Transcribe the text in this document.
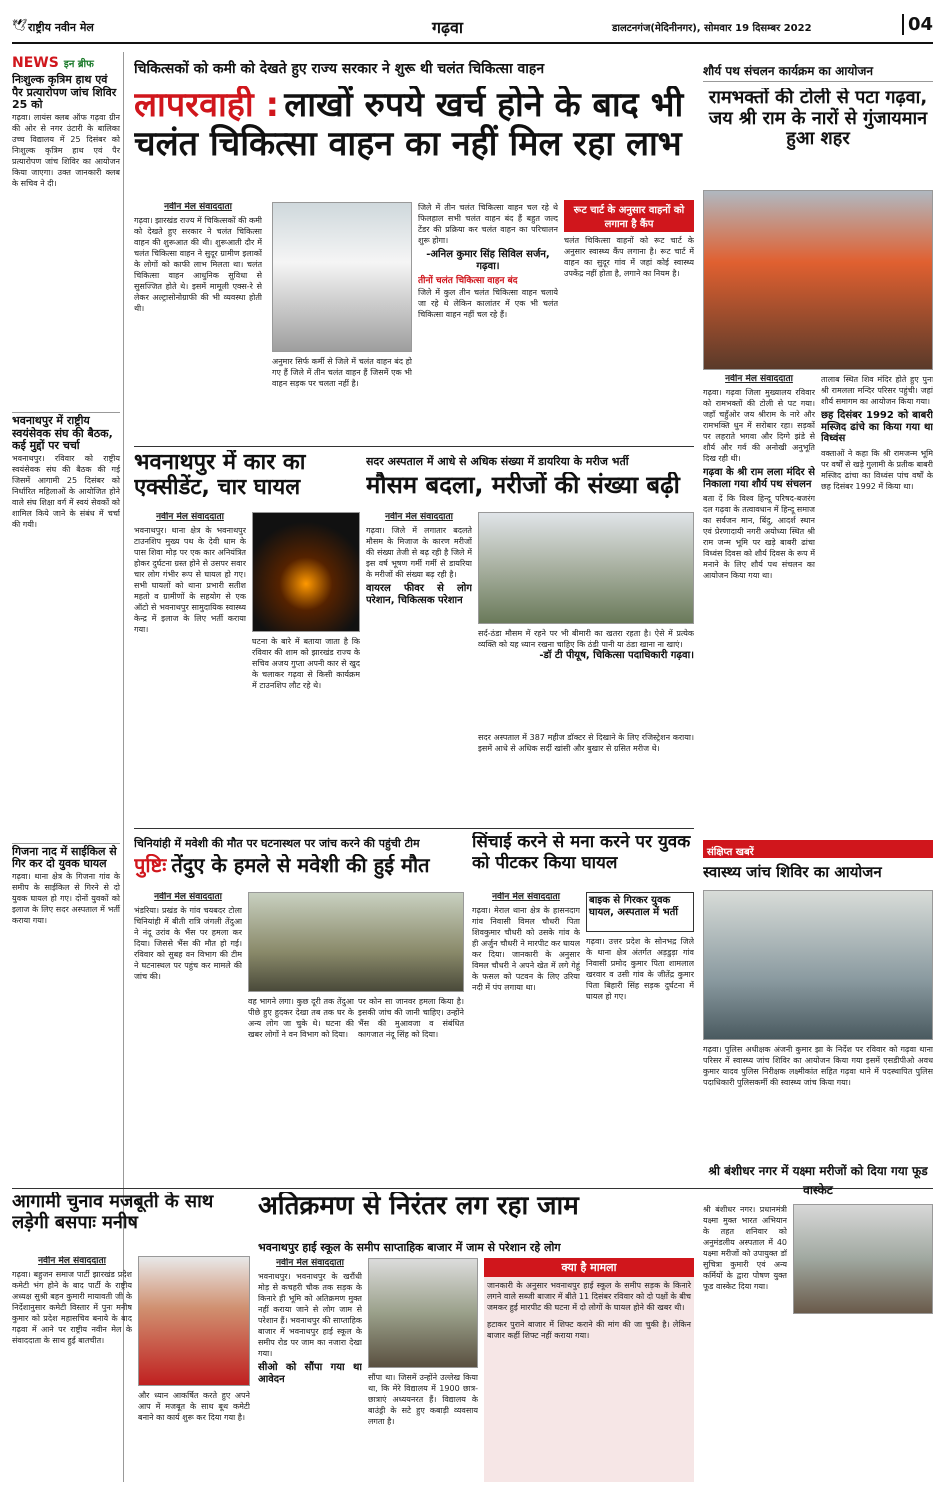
🕊 राष्ट्रीय नवीन मेल	गढ़वा	डालटनगंज(मेदिनीनगर), सोमवार 19 दिसम्बर 2022	04
NEWS इन ब्रीफ
निःशुल्क कृत्रिम हाथ एवं पैर प्रत्यारोपण जांच शिविर 25 को
गढ़वा। लायंस क्लब ऑफ गढ़वा ग्रीन की ओर से नगर उंटारी के बालिका उच्च विद्यालय में 25 दिसंबर को निःशुल्क कृत्रिम हाथ एवं पैर प्रत्यारोपण जांच शिविर का आयोजन किया जाएगा। उक्त जानकारी क्लब के सचिव ने दी।
भवनाथपुर में राष्ट्रीय स्वयंसेवक संघ की बैठक, कई मुद्दों पर चर्चा
भवनाथपुर। रविवार को राष्ट्रीय स्वयंसेवक संघ की बैठक की गई जिसमें आगामी 25 दिसंबर को निर्धारित महिलाओं के आयोजित होने वाले संघ शिक्षा वर्ग में स्वयं सेवकों को शामिल किये जाने के संबंध में चर्चा की गयी।
गिजना नाद में साईकिल से गिर कर दो युवक घायल
गढ़वा। थाना क्षेत्र के गिजना गांव के समीप के साईकिल से गिरने से दो युवक घायल हो गए। दोनों युवकों को इलाज के लिए सदर अस्पताल में भर्ती कराया गया।
चिकित्सकों को कमी को देखते हुए राज्य सरकार ने शुरू थी चलंत चिकित्सा वाहन
लापरवाही : लाखों रुपये खर्च होने के बाद भी चलंत चिकित्सा वाहन का नहीं मिल रहा लाभ
नवीन मेल संवाददाता
गढ़वा। झारखंड राज्य में चिकित्सकों की कमी को देखते हुए सरकार ने चलंत चिकित्सा वाहन की शुरूआत की थी। शुरूआती दौर में चलंत चिकित्सा वाहन ने सुदूर ग्रामीण इलाकों के लोगों को काफी लाभ मिलता था। चलंत चिकित्सा वाहन आधुनिक सुविधा से सुसज्जित होते थे। इसमें मामूली एक्स-रे से लेकर अल्ट्रासोनोग्राफी की भी व्यवस्था होती थी।
अनुमार सिर्फ कर्मी से जिले में चलंत वाहन बंद हो गए हैं जिले में तीन चलंत वाहन हैं जिसमें एक भी वाहन सड़क पर चलता नहीं है।
जिले में तीन चलंत चिकित्सा वाहन चल रहे थे फिलहाल सभी चलंत वाहन बंद हैं बहुत जल्द टेंडर की प्रक्रिया कर चलंत वाहन का परिचालन शुरू होगा।
-अनिल कुमार सिंह सिविल सर्जन, गढ़वा।
तीनों चलंत चिकित्सा वाहन बंद
जिले में कुल तीन चलंत चिकित्सा वाहन चलाये जा रहे थे लेकिन कालांतर में एक भी चलंत चिकित्सा वाहन नहीं चल रहे हैं।
रूट चार्ट के अनुसार वाहनों को लगाना है कैंप
चलंत चिकित्सा वाहनों को रूट चार्ट के अनुसार स्वास्थ्य कैंप लगाना है। रूट चार्ट में वाहन का सुदूर गांव में जहां कोई स्वास्थ्य उपकेंद्र नहीं होता है, लगाने का नियम है।
शौर्य पथ संचलन कार्यक्रम का आयोजन
रामभक्तों की टोली से पटा गढ़वा, जय श्री राम के नारों से गुंजायमान हुआ शहर
नवीन मेल संवाददाता
गढ़वा। गढ़वा जिला मुख्यालय रविवार को रामभक्तों की टोली से पट गया। जहाँ चहुँओर जय श्रीराम के नारे और रामभक्ति धुन में सरोबार रहा। सड़कों पर लहराते भगवा और दिग्गे झंडे से शौर्य और गर्व की अनोखी अनुभूति दिख रही थी।
गढ़वा के श्री राम लला मंदिर से निकाला गया शौर्य पथ संचलन
बता दें कि विश्व हिन्दू परिषद-बजरंग दल गढ़वा के तत्वावधान में हिन्दू समाज का सर्वजन मान, बिंदु, आदर्श स्थान एवं प्रेरणादायी नगरी अयोध्या स्थित श्री राम जन्म भूमि पर खड़े बाबरी ढांचा विध्वंस दिवस को शौर्य दिवस के रूप में मनाने के लिए शौर्य पथ संचलन का आयोजन किया गया था।
तालाब स्थित शिव मंदिर होते हुए पुनः श्री रामलला मन्दिर परिसर पहुंची। जहां शौर्य समागम का आयोजन किया गया।
छह दिसंबर 1992 को बाबरी मस्जिद ढांचे का किया गया था विध्वंस
वक्ताओं ने कहा कि श्री रामजन्म भूमि पर वर्षों से खड़े गुलामी के प्रतीक बाबरी मस्जिद ढांचा का विध्वंस पांच वर्षों के छह दिसंबर 1992 में किया था।
भवनाथपुर में कार का एक्सीडेंट, चार घायल
नवीन मेल संवाददाता
भवनाथपुर। थाना क्षेत्र के भवनाथपुर टाउनशिप मुख्य पथ के देवी धाम के पास शिवा मोड़ पर एक कार अनियंत्रित होकर दुर्घटना ग्रस्त होने से उसपर सवार चार लोग गंभीर रूप से घायल हो गए। सभी घायलों को थाना प्रभारी सतीश महतो व ग्रामीणों के सहयोग से एक ऑटो से भवनाथपुर सामुदायिक स्वास्थ्य केन्द्र में इलाज के लिए भर्ती कराया गया।
घटना के बारे में बताया जाता है कि रविवार की शाम को झारखंड राज्य के सचिव अजय गुप्ता अपनी कार से खुद के चलाकर गढ़वा से किसी कार्यक्रम में टाउनशिप लौट रहे थे।
सदर अस्पताल में आधे से अधिक संख्या में डायरिया के मरीज भर्ती
मौसम बदला, मरीजों की संख्या बढ़ी
नवीन मेल संवाददाता
गढ़वा। जिले में लगातार बदलते मौसम के मिजाज के कारण मरीजों की संख्या तेजी से बढ़ रही है जिले में इस वर्ष भूषण गर्मी गर्मी से डायरिया के मरीजों की संख्या बढ़ रही है।
वायरल फीवर से लोग परेशान, चिकित्सक परेशान
सर्द-ठंडा मौसम में रहने पर भी बीमारी का खतरा रहता है। ऐसे में प्रत्येक व्यक्ति को यह ध्यान रखना चाहिए कि ठंडी पानी या ठंडा खाना ना खाएं।
-डॉ टी पीयूष, चिकित्सा पदाधिकारी गढ़वा।
सदर अस्पताल में 387 महीज डॉक्टर से दिखाने के लिए रजिस्ट्रेशन कराया। इसमें आधे से अधिक सर्दी खांसी और बुखार से ग्रसित मरीज थे।
संक्षिप्त खबरें
स्वास्थ्य जांच शिविर का आयोजन
गढ़वा। पुलिस अधीक्षक अंजनी कुमार झा के निर्देश पर रविवार को गढ़वा थाना परिसर में स्वास्थ्य जांच शिविर का आयोजन किया गया इसमें एसडीपीओ अवध कुमार यादव पुलिस निरीक्षक लक्ष्मीकांत सहित गढ़वा थाने में पदस्थापित पुलिस पदाधिकारी पुलिसकर्मी की स्वास्थ्य जांच किया गया।
चिनियांही में मवेशी की मौत पर घटनास्थल पर जांच करने की पहुंची टीम
पुष्टिः तेंदुए के हमले से मवेशी की हुई मौत
नवीन मेल संवाददाता
भंडरिया। प्रखंड के गांव चयबदर टोला चिनियांही में बीती रात्रि जंगली तेंदुआ ने नंदू उरांव के भैंस पर हमला कर दिया। जिससे भैंस की मौत हो गई। रविवार को सुबह वन विभाग की टीम ने घटनास्थल पर पहुंच कर मामले की जांच की।
वह भागने लगा। कुछ दूरी तक तेंदुआ पीछे हुए हुदकर देखा तब तक घर के अन्य लोग जा चुके थे। घटना की खबर लोगों ने वन विभाग को दिया।
पर कोन सा जानवर हमला किया है। इसकी जांच की जानी चाहिए। उन्होंने भैंस की मुआवजा व संबंधित कागजात नंदू सिंह को दिया।
सिंचाई करने से मना करने पर युवक को पीटकर किया घायल
नवीन मेल संवाददाता
गढ़वा। मेराल थाना क्षेत्र के हासनदाग गांव निवासी विमल चौधरी पिता शिवकुमार चौधरी को उसके गांव के ही अर्जुन चौधरी ने मारपीट कर घायल कर दिया। जानकारी के अनुसार विमल चौधरी ने अपने खेत में लगे गेहूं के फसल को पटवन के लिए उरिया नदी में पंप लगाया था।
बाइक से गिरकर युवक घायल, अस्पताल में भर्ती
गढ़वा। उत्तर प्रदेश के सोनभद्र जिले के थाना क्षेत्र अंतर्गत अड़डुड़ा गांव निवासी प्रमोद कुमार पिता शामलाल खरवार व उसी गांव के जीतेंद्र कुमार पिता बिहारी सिंह सड़क दुर्घटना में घायल हो गए।
आगामी चुनाव मजबूती के साथ लड़ेगी बसपाः मनीष
नवीन मेल संवाददाता
गढ़वा। बहुजन समाज पार्टी झारखंड प्रदेश कमेटी भंग होने के बाद पार्टी के राष्ट्रीय अध्यक्ष सुश्री बहन कुमारी मायावती जी के निर्देशानुसार कमेटी विस्तार में पुनः मनीष कुमार को प्रदेश महासचिव बनाये के बाद गढ़वा में आने पर राष्ट्रीय नवीन मेल के संवाददाता के साथ हुई बातचीत।
और ध्यान आकर्षित करते हुए अपने आप में मजबूत के साथ बूथ कमेटी बनाने का कार्य शुरू कर दिया गया है।
अतिक्रमण से निरंतर लग रहा जाम
भवनाथपुर हाई स्कूल के समीप साप्ताहिक बाजार में जाम से परेशान रहे लोग
नवीन मेल संवाददाता
भवनाथपुर। भवनाथपुर के खरौंधी मोड़ से कचहरी चौक तक सड़क के किनारे ही भूमि को अतिक्रमण मुक्त नहीं कराया जाने से लोग जाम से परेशान हैं। भवनाथपुर की साप्ताहिक बाजार में भवनाथपुर हाई स्कूल के समीप रोड पर जाम का नजारा देखा गया।
सीओ को सौंपा गया था आवेदन	सौंपा था। जिसमें उन्होंने उल्लेख किया था, कि मेरे विद्यालय में 1900 छात्र-छात्राएं अध्ययनरत हैं। विद्यालय के बाउंड्री के सटे हुए कबाड़ी व्यवसाय लगता है।
क्या है मामला
जानकारी के अनुसार भवनाथपुर हाई स्कूल के समीप सड़क के किनारे लगने वाले सब्जी बाजार में बीते 11 दिसंबर रविवार को दो पक्षों के बीच जमकर हुई मारपीट की घटना में दो लोगों के घायल होने की खबर थी।
हटाकर पुराने बाजार में शिफ्ट कराने की मांग की जा चुकी है। लेकिन बाजार कहीं शिफ्ट नहीं कराया गया।
श्री बंशीधर नगर में यक्ष्मा मरीजों को दिया गया फूड वास्केट
श्री बंशीधर नगर। प्रधानमंत्री यक्ष्मा मुक्त भारत अभियान के तहत शनिवार को अनुमंडलीय अस्पताल में 40 यक्ष्मा मरीजों को उपायुक्त डॉ सुचित्रा कुमारी एवं अन्य कर्मियों के द्वारा पोषण युक्त फूड वास्केट दिया गया।
